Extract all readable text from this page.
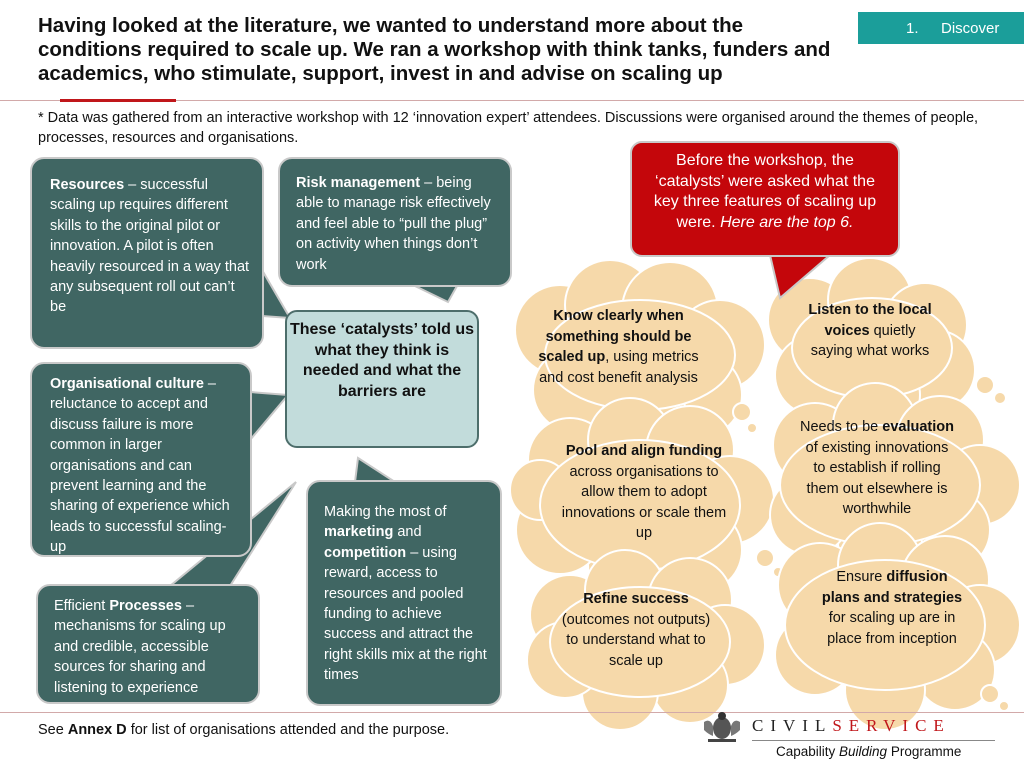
Having looked at the literature, we wanted to understand more about the conditions required to scale up. We ran a workshop with think tanks, funders and academics, who stimulate, support, invest in and advise on scaling up
1.	Discover
* Data was gathered from an interactive workshop with 12 ‘innovation expert’ attendees. Discussions were organised around the themes of people, processes, resources and organisations.
Resources – successful scaling up requires different skills to the original pilot or innovation. A pilot is often heavily resourced in a way that any subsequent roll out can’t be
Risk management – being able to manage risk effectively and feel able to “pull the plug” on activity when things don’t work
Organisational culture – reluctance to accept and discuss failure is more common in larger organisations and can prevent learning and the sharing of experience which leads to successful scaling-up
Efficient Processes – mechanisms for scaling up and credible, accessible sources for sharing and listening to experience
Making the most of marketing and competition – using reward, access to resources and pooled funding to achieve success and attract the right skills mix at the right times
These ‘catalysts’ told us what they think is needed and what the barriers are
Before the workshop, the ‘catalysts’ were asked what the key three features of scaling up were. Here are the top 6.
Know clearly when something should be scaled up, using metrics and cost benefit analysis
Listen to the local voices quietly saying what works
Pool and align funding across organisations to allow them to adopt innovations or scale them up
Needs to be evaluation of existing innovations to establish if rolling them out elsewhere is worthwhile
Refine success (outcomes not outputs) to understand what to scale up
Ensure diffusion plans and strategies for scaling up are in place from inception
See Annex D for list of organisations attended and the purpose.	CIVILSERVICE
Capability Building Programme
